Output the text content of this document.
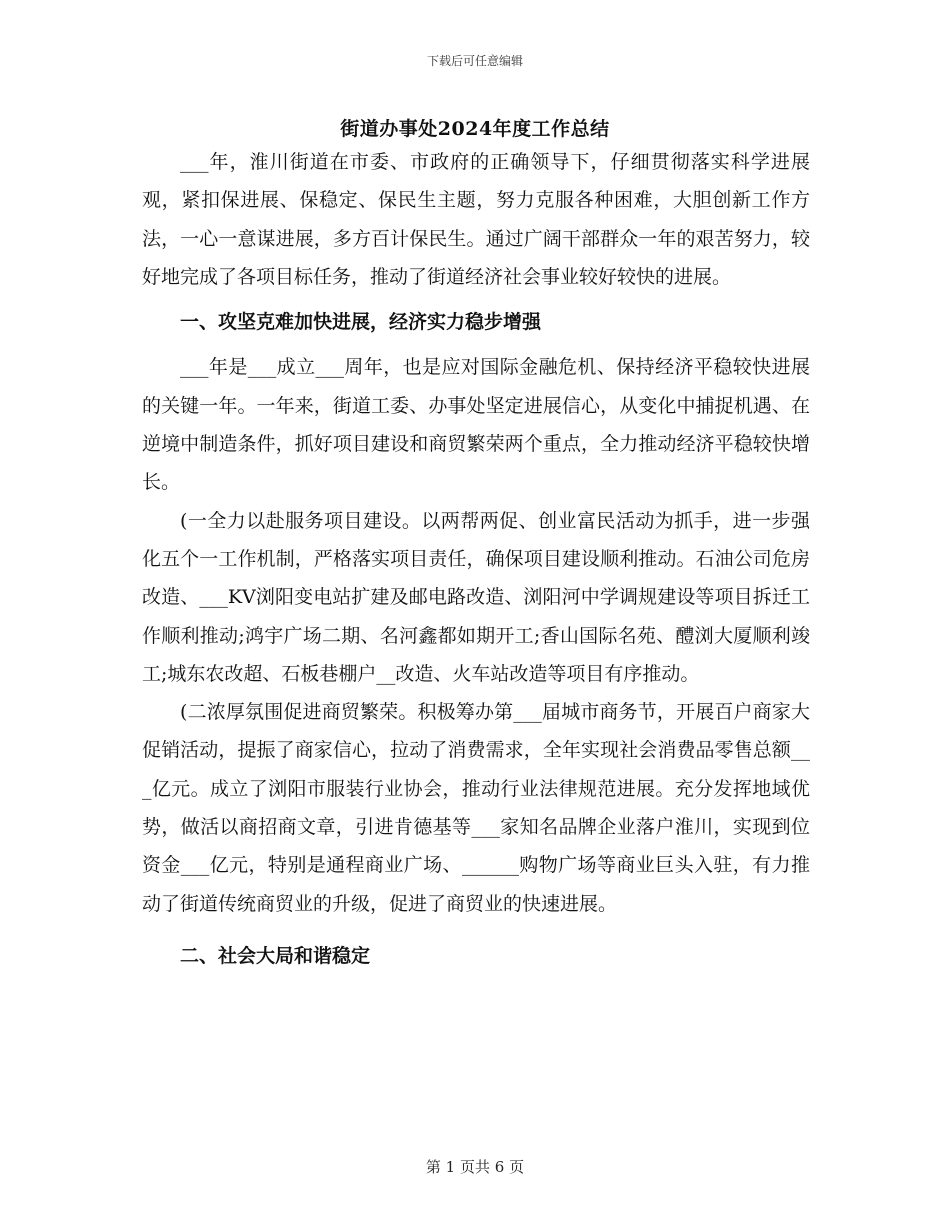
下载后可任意编辑
街道办事处2024年度工作总结

___年，淮川街道在市委、市政府的正确领导下，仔细贯彻落实科学进展观，紧扣保进展、保稳定、保民生主题，努力克服各种困难，大胆创新工作方法，一心一意谋进展，多方百计保民生。通过广阔干部群众一年的艰苦努力，较好地完成了各项目标任务，推动了街道经济社会事业较好较快的进展。

一、攻坚克难加快进展，经济实力稳步增强

___年是___成立___周年，也是应对国际金融危机、保持经济平稳较快进展的关键一年。一年来，街道工委、办事处坚定进展信心，从变化中捕捉机遇、在逆境中制造条件，抓好项目建设和商贸繁荣两个重点，全力推动经济平稳较快增长。

(一全力以赴服务项目建设。以两帮两促、创业富民活动为抓手，进一步强化五个一工作机制，严格落实项目责任，确保项目建设顺利推动。石油公司危房改造、___KV浏阳变电站扩建及邮电路改造、浏阳河中学调规建设等项目拆迁工作顺利推动;鸿宇广场二期、名河鑫都如期开工;香山国际名苑、醴浏大厦顺利竣工;城东农改超、石板巷棚户__改造、火车站改造等项目有序推动。

(二浓厚氛围促进商贸繁荣。积极筹办第___届城市商务节，开展百户商家大促销活动，提振了商家信心，拉动了消费需求，全年实现社会消费品零售总额___亿元。成立了浏阳市服装行业协会，推动行业法律规范进展。充分发挥地域优势，做活以商招商文章，引进肯德基等___家知名品牌企业落户淮川，实现到位资金___亿元，特别是通程商业广场、______购物广场等商业巨头入驻，有力推动了街道传统商贸业的升级，促进了商贸业的快速进展。

二、社会大局和谐稳定

第 1 页共 6 页
